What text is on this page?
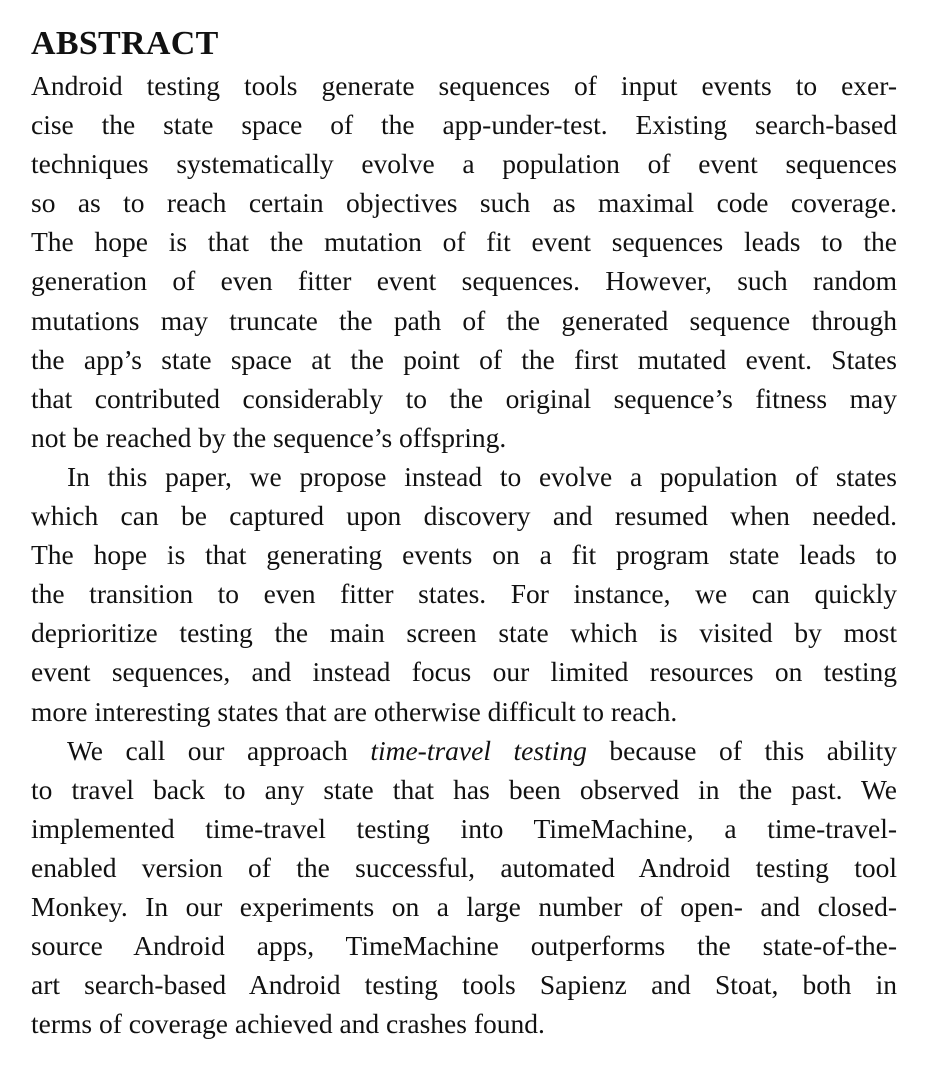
ABSTRACT
Android testing tools generate sequences of input events to exer-
cise the state space of the app-under-test. Existing search-based
techniques systematically evolve a population of event sequences
so as to reach certain objectives such as maximal code coverage.
The hope is that the mutation of fit event sequences leads to the
generation of even fitter event sequences. However, such random
mutations may truncate the path of the generated sequence through
the app’s state space at the point of the first mutated event. States
that contributed considerably to the original sequence’s fitness may
not be reached by the sequence’s offspring.
In this paper, we propose instead to evolve a population of states
which can be captured upon discovery and resumed when needed.
The hope is that generating events on a fit program state leads to
the transition to even fitter states. For instance, we can quickly
deprioritize testing the main screen state which is visited by most
event sequences, and instead focus our limited resources on testing
more interesting states that are otherwise difficult to reach.
We call our approach time-travel testing because of this ability
to travel back to any state that has been observed in the past. We
implemented time-travel testing into TimeMachine, a time-travel-
enabled version of the successful, automated Android testing tool
Monkey. In our experiments on a large number of open- and closed-
source Android apps, TimeMachine outperforms the state-of-the-
art search-based Android testing tools Sapienz and Stoat, both in
terms of coverage achieved and crashes found.
